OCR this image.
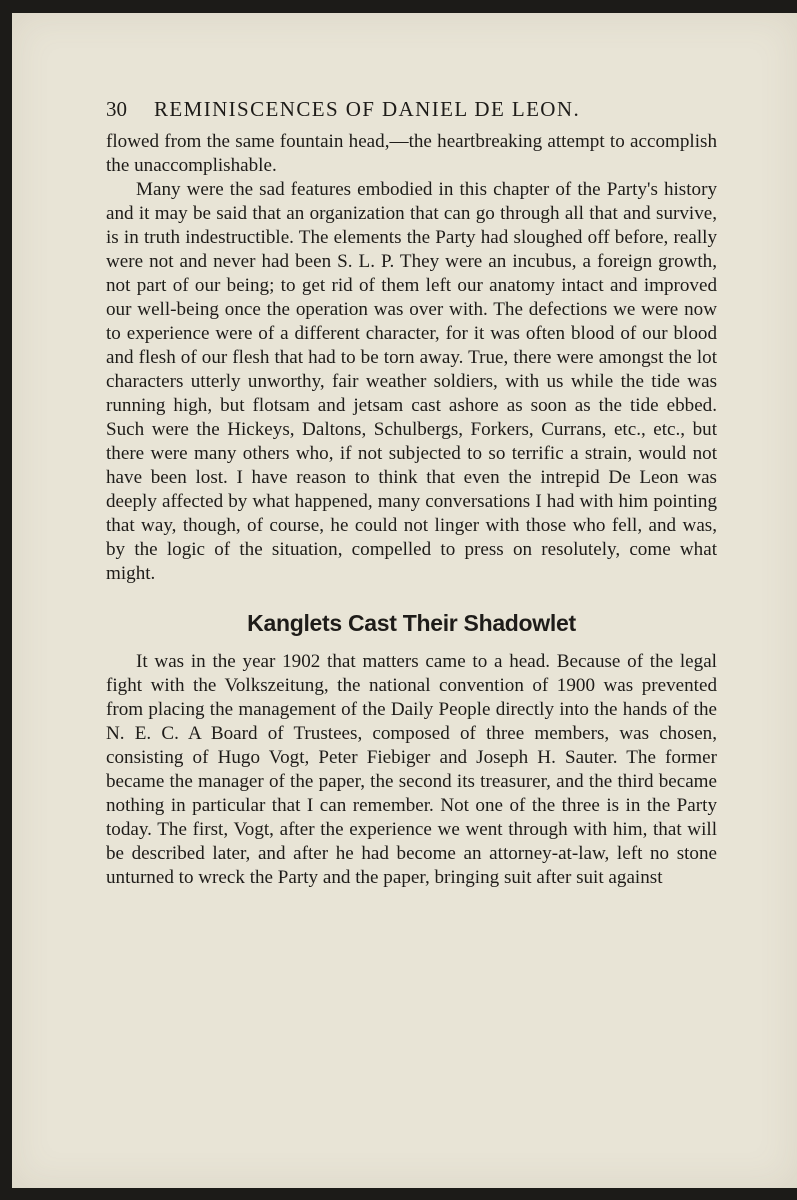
30	REMINISCENCES OF DANIEL DE LEON.

flowed from the same fountain head,—the heartbreaking attempt to accomplish the unaccomplishable.

Many were the sad features embodied in this chapter of the Party's history and it may be said that an organization that can go through all that and survive, is in truth indestructible. The elements the Party had sloughed off before, really were not and never had been S. L. P. They were an incubus, a foreign growth, not part of our being; to get rid of them left our anatomy intact and improved our well-being once the operation was over with. The defections we were now to experience were of a different character, for it was often blood of our blood and flesh of our flesh that had to be torn away. True, there were amongst the lot characters utterly unworthy, fair weather soldiers, with us while the tide was running high, but flotsam and jetsam cast ashore as soon as the tide ebbed. Such were the Hickeys, Daltons, Schulbergs, Forkers, Currans, etc., etc., but there were many others who, if not subjected to so terrific a strain, would not have been lost. I have reason to think that even the intrepid De Leon was deeply affected by what happened, many conversations I had with him pointing that way, though, of course, he could not linger with those who fell, and was, by the logic of the situation, compelled to press on resolutely, come what might.

Kanglets Cast Their Shadowlet

It was in the year 1902 that matters came to a head. Because of the legal fight with the Volkszeitung, the national convention of 1900 was prevented from placing the management of the Daily People directly into the hands of the N. E. C. A Board of Trustees, composed of three members, was chosen, consisting of Hugo Vogt, Peter Fiebiger and Joseph H. Sauter. The former became the manager of the paper, the second its treasurer, and the third became nothing in particular that I can remember. Not one of the three is in the Party today. The first, Vogt, after the experience we went through with him, that will be described later, and after he had become an attorney-at-law, left no stone unturned to wreck the Party and the paper, bringing suit after suit against
